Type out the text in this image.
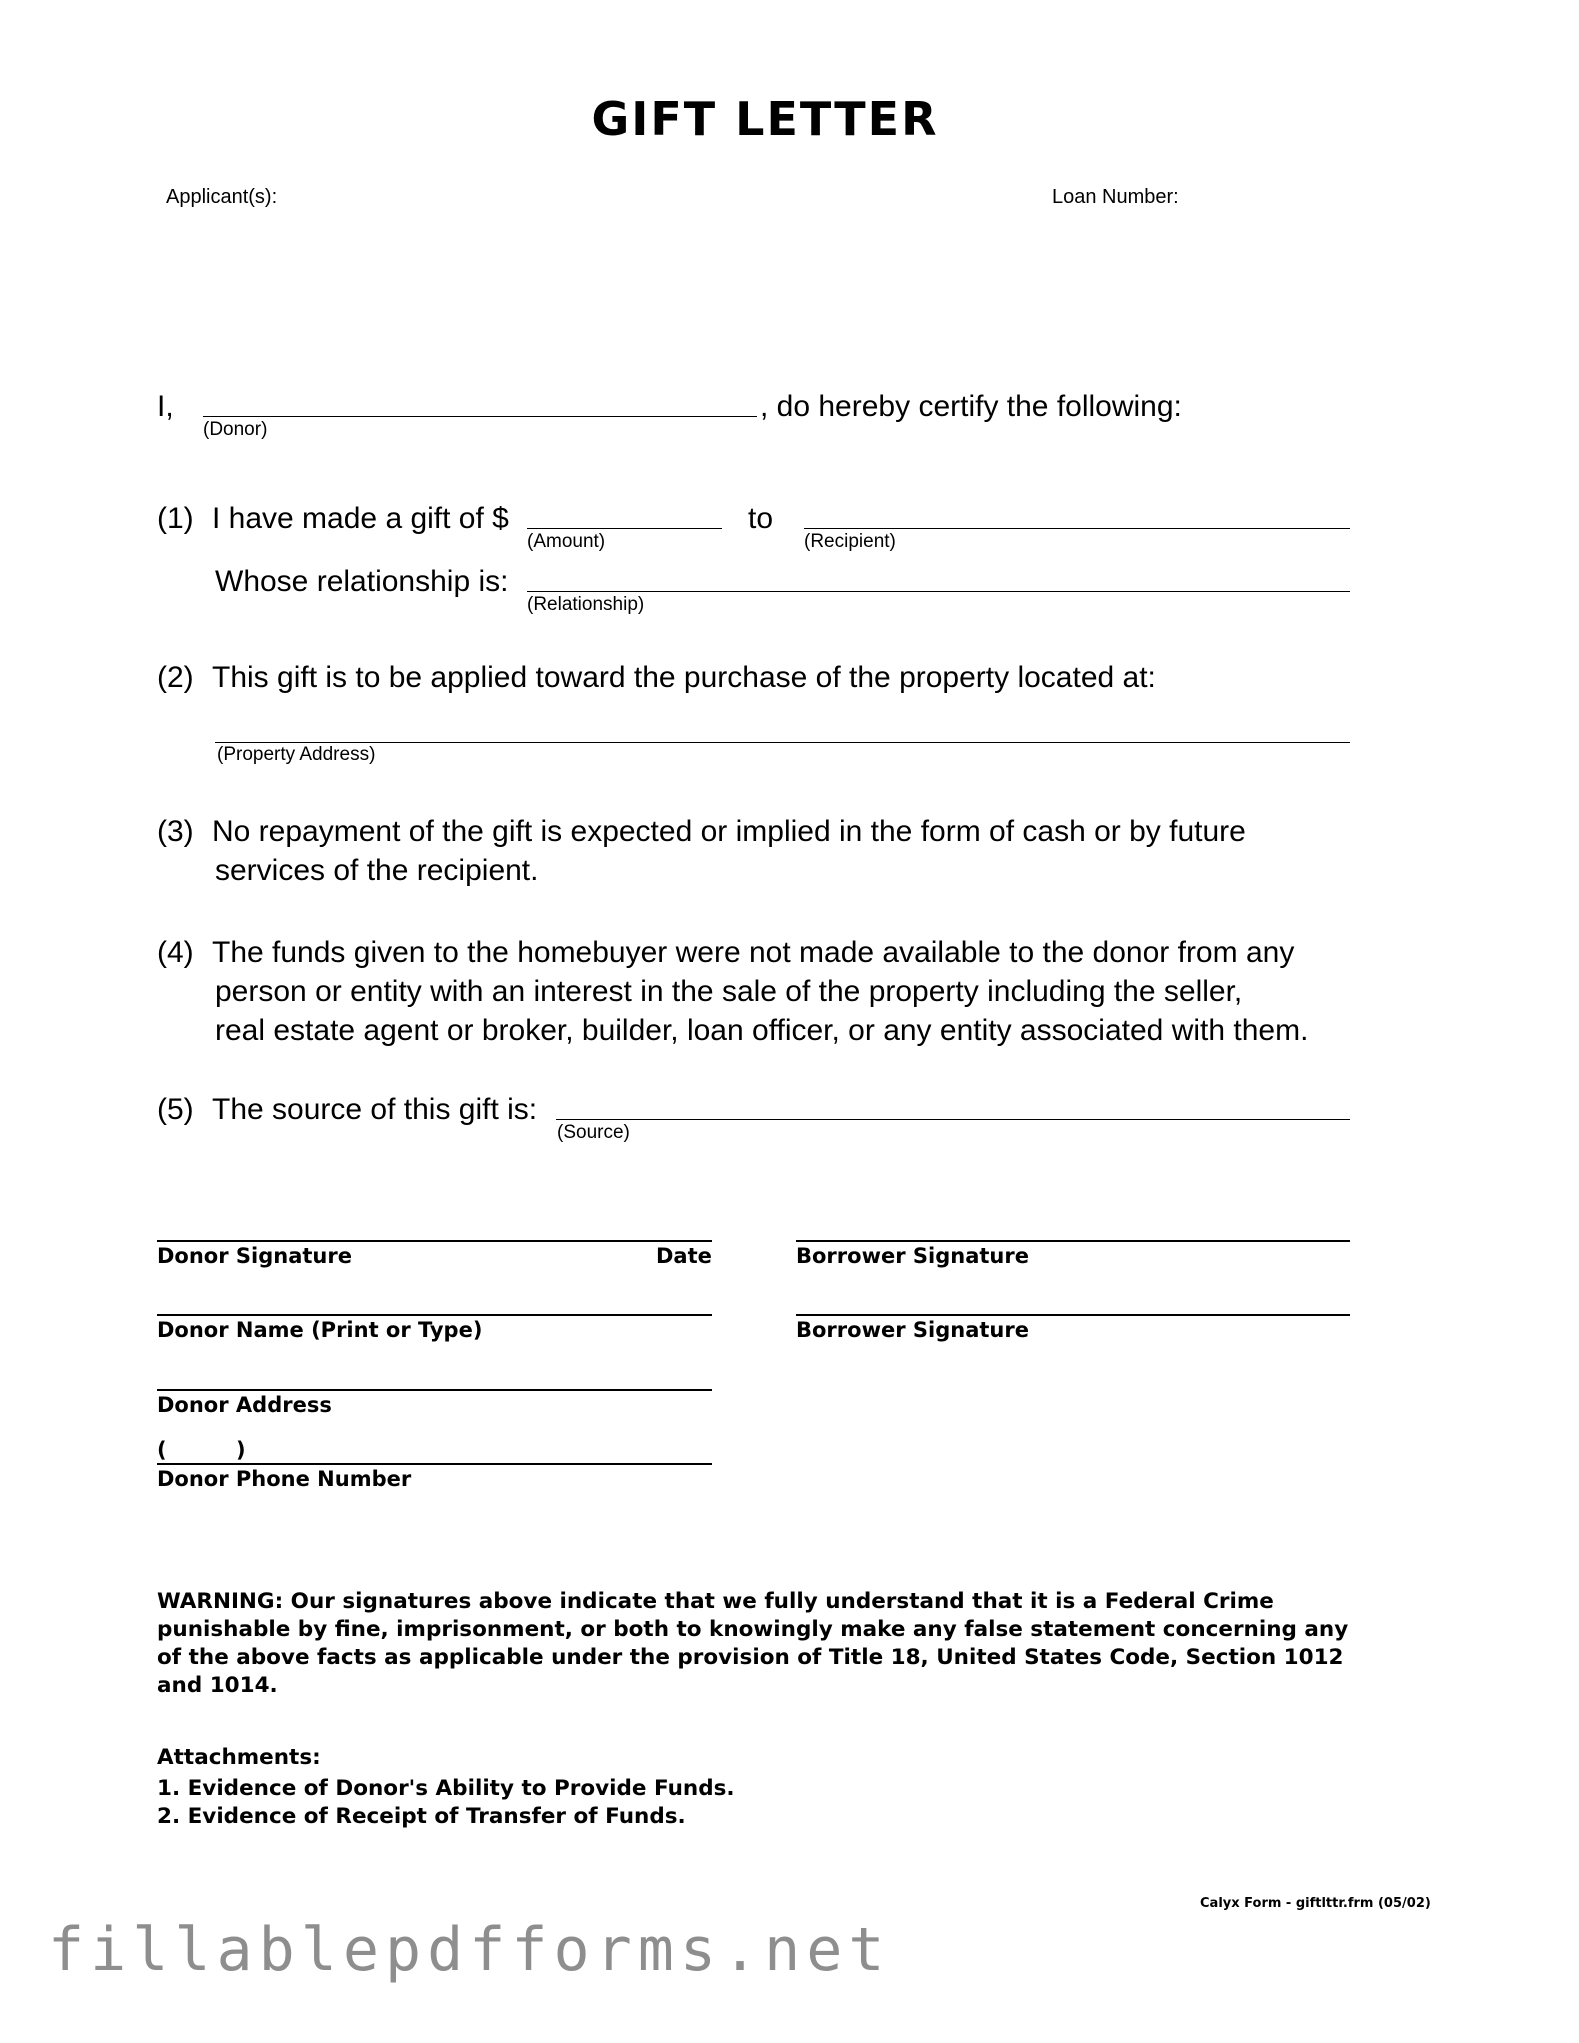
GIFT LETTER
Applicant(s):	Loan Number:
I,	, do hereby certify the following:
(Donor)
(1) I have made a gift of $
(Amount)
to
(Recipient)
Whose relationship is:
(Relationship)
(2) This gift is to be applied toward the purchase of the property located at:
(Property Address)
(3) No repayment of the gift is expected or implied in the form of cash or by future
services of the recipient.
(4) The funds given to the homebuyer were not made available to the donor from any
person or entity with an interest in the sale of the property including the seller,
real estate agent or broker, builder, loan officer, or any entity associated with them.
(5) The source of this gift is:
(Source)
Donor Signature	Date	Borrower Signature
Donor Name (Print or Type)	Borrower Signature
Donor Address
(	)
Donor Phone Number
WARNING: Our signatures above indicate that we fully understand that it is a Federal Crime punishable by fine, imprisonment, or both to knowingly make any false statement concerning any of the above facts as applicable under the provision of Title 18, United States Code, Section 1012 and 1014.
Attachments:
1. Evidence of Donor's Ability to Provide Funds.
2. Evidence of Receipt of Transfer of Funds.
Calyx Form - giftlttr.frm (05/02)
fillablepdfforms.net
